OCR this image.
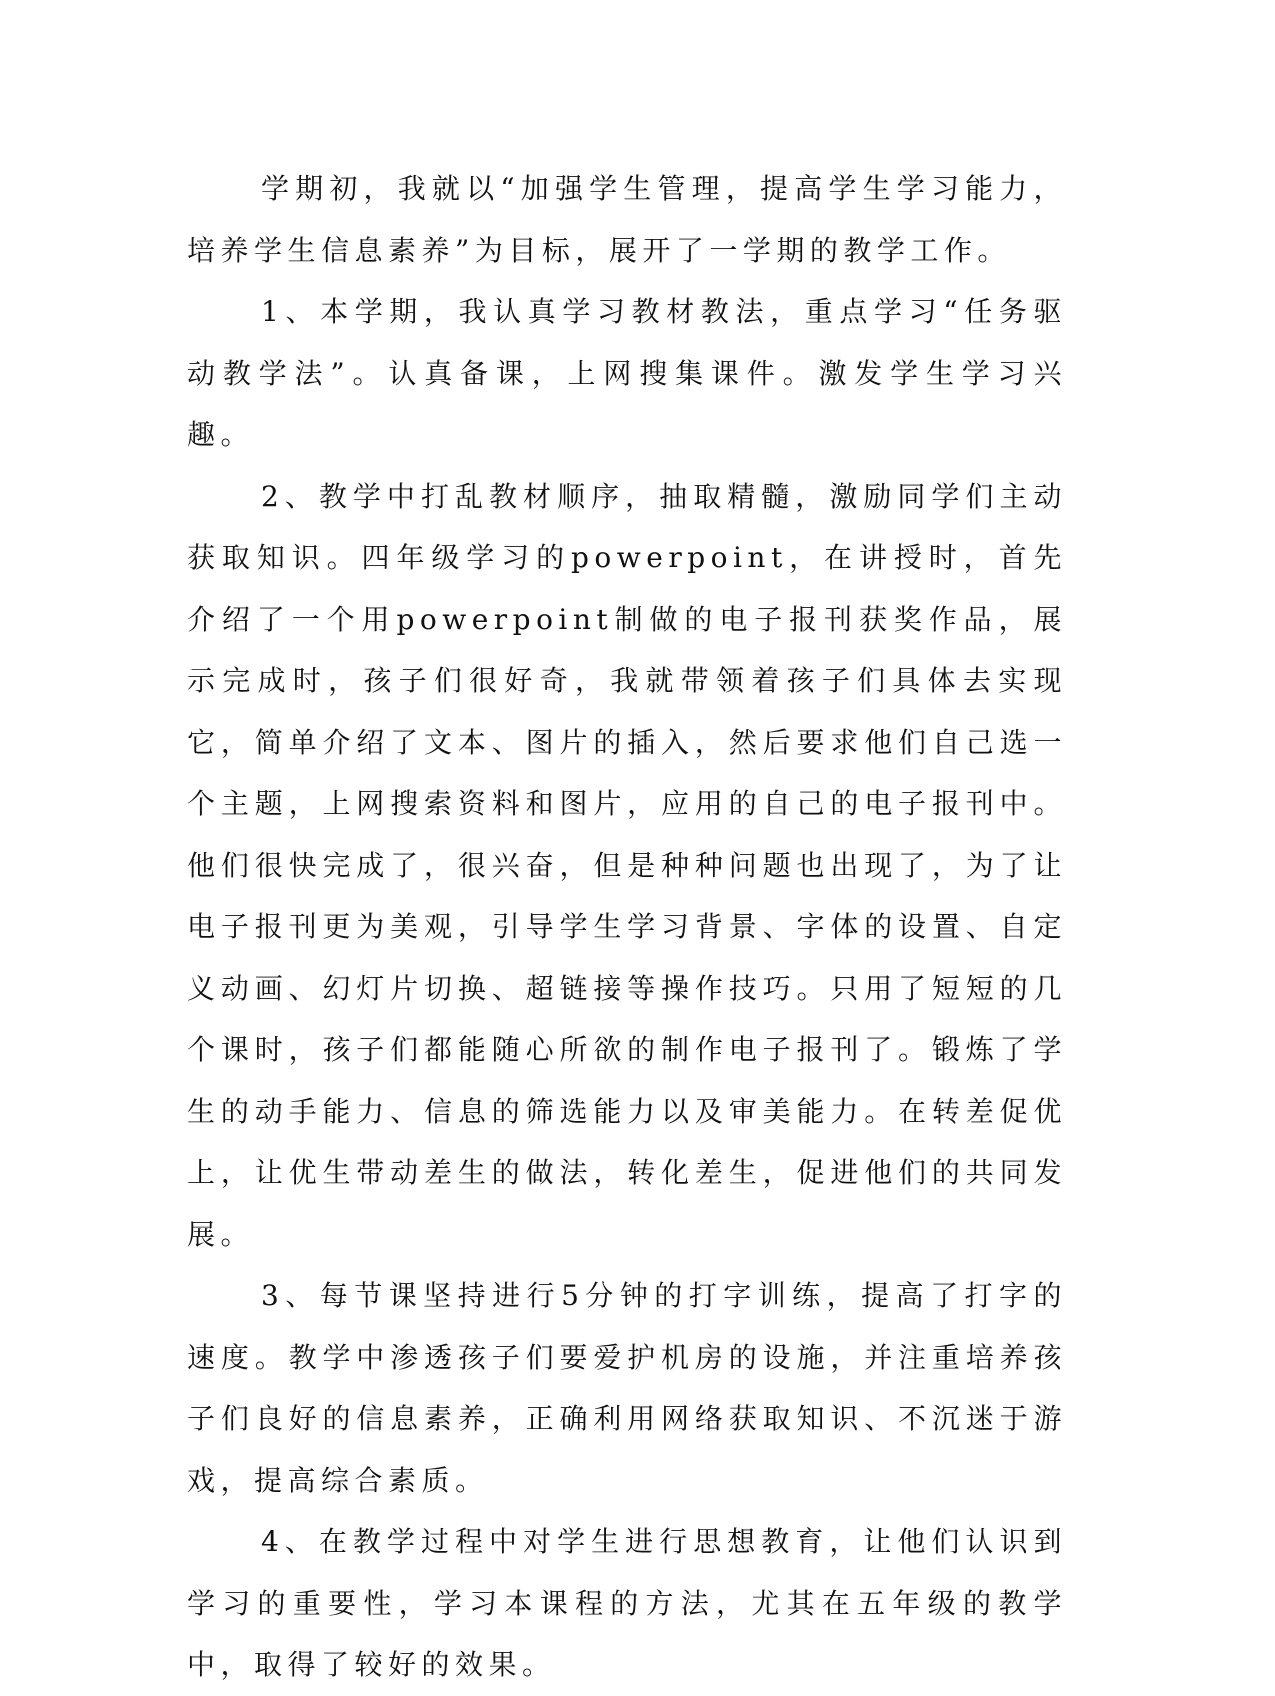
学期初，我就以“加强学生管理，提高学生学习能力，培养学生信息素养”为目标，展开了一学期的教学工作。

1、本学期，我认真学习教材教法，重点学习“任务驱动教学法”。认真备课，上网搜集课件。激发学生学习兴趣。

2、教学中打乱教材顺序，抽取精髓，激励同学们主动获取知识。四年级学习的powerpoint，在讲授时，首先介绍了一个用powerpoint制做的电子报刊获奖作品，展示完成时，孩子们很好奇，我就带领着孩子们具体去实现它，简单介绍了文本、图片的插入，然后要求他们自己选一个主题，上网搜索资料和图片，应用的自己的电子报刊中。他们很快完成了，很兴奋，但是种种问题也出现了，为了让电子报刊更为美观，引导学生学习背景、字体的设置、自定义动画、幻灯片切换、超链接等操作技巧。只用了短短的几个课时，孩子们都能随心所欲的制作电子报刊了。锻炼了学生的动手能力、信息的筛选能力以及审美能力。在转差促优上，让优生带动差生的做法，转化差生，促进他们的共同发展。

3、每节课坚持进行5分钟的打字训练，提高了打字的速度。教学中渗透孩子们要爱护机房的设施，并注重培养孩子们良好的信息素养，正确利用网络获取知识、不沉迷于游戏，提高综合素质。

4、在教学过程中对学生进行思想教育，让他们认识到学习的重要性，学习本课程的方法，尤其在五年级的教学中，取得了较好的效果。
